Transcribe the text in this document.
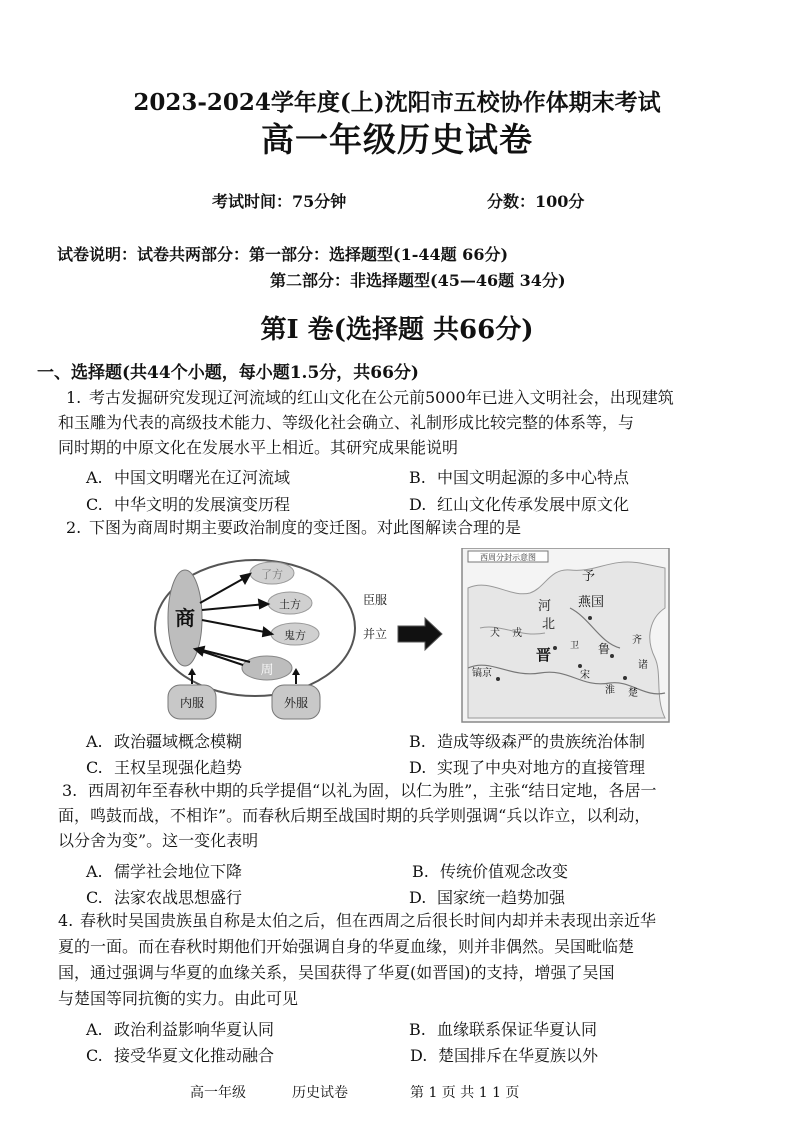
2023-2024学年度(上)沈阳市五校协作体期末考试
高一年级历史试卷
考试时间：75分钟	分数：100分
试卷说明：试卷共两部分：第一部分：选择题型(1-44题 66分)
第二部分：非选择题型(45—46题 34分)
第I 卷(选择题 共66分)
一、选择题(共44个小题，每小题1.5分，共66分)
1. 考古发掘研究发现辽河流域的红山文化在公元前5000年已进入文明社会，出现建筑
和玉雕为代表的高级技术能力、等级化社会确立、礼制形成比较完整的体系等，与
同时期的中原文化在发展水平上相近。其研究成果能说明
A. 中国文明曙光在辽河流域	B. 中国文明起源的多中心特点
C. 中华文明的发展演变历程	D. 红山文化传承发展中原文化
2. 下图为商周时期主要政治制度的变迁图。对此图解读合理的是
商
了方
土方
鬼方
周
内服	外服
臣服
并立
西周分封示意图
予
燕国
河
北
犬 戎
晋	鲁
卫
宋
淮 楚
齐
诸
镐京
A. 政治疆域概念模糊	B. 造成等级森严的贵族统治体制
C. 王权呈现强化趋势	D. 实现了中央对地方的直接管理
3. 西周初年至春秋中期的兵学提倡“以礼为固，以仁为胜”，主张“结日定地，各居一
面，鸣鼓而战，不相诈”。而春秋后期至战国时期的兵学则强调“兵以诈立，以利动，
以分舍为变”。这一变化表明
A. 儒学社会地位下降	B. 传统价值观念改变
C. 法家农战思想盛行	D. 国家统一趋势加强
4. 春秋时吴国贵族虽自称是太伯之后，但在西周之后很长时间内却并未表现出亲近华
夏的一面。而在春秋时期他们开始强调自身的华夏血缘，则并非偶然。吴国毗临楚
国，通过强调与华夏的血缘关系，吴国获得了华夏(如晋国)的支持，增强了吴国
与楚国等同抗衡的实力。由此可见
A. 政治利益影响华夏认同	B. 血缘联系保证华夏认同
C. 接受华夏文化推动融合	D. 楚国排斥在华夏族以外
高一年级	历史试卷	第 1 页 共 1 1 页
